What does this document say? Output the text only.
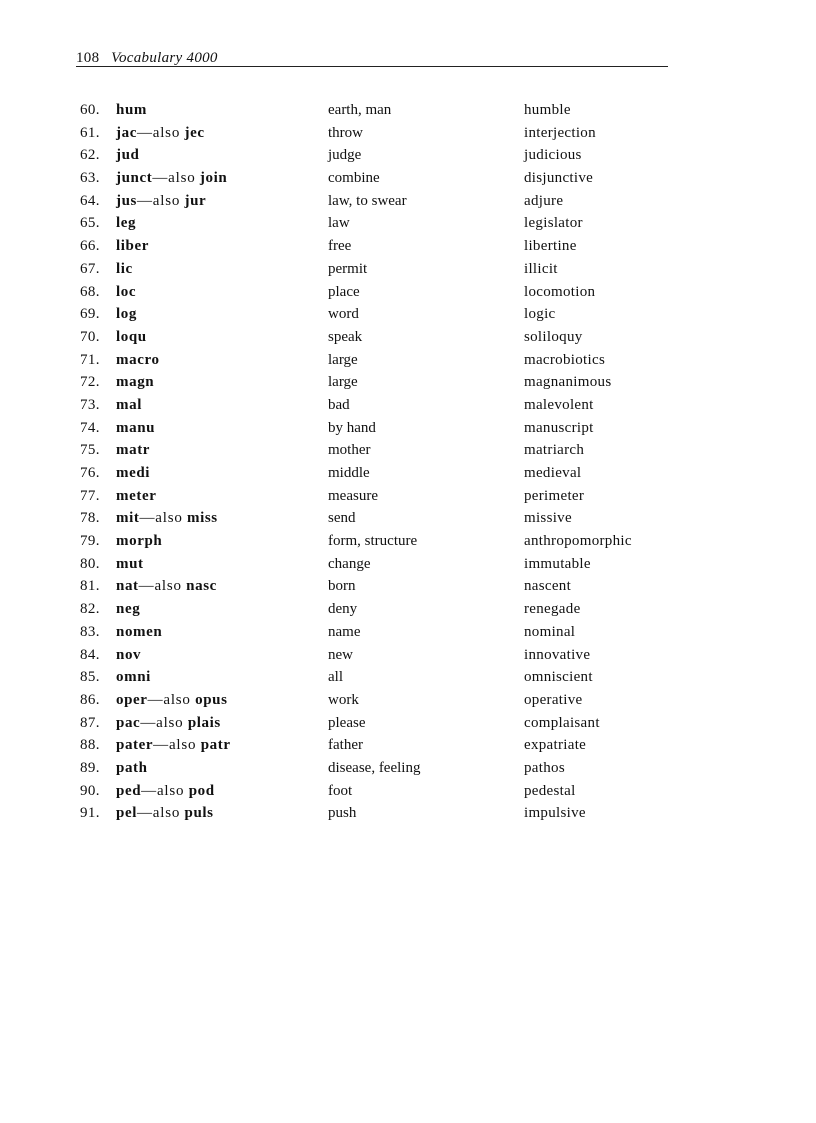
108 Vocabulary 4000
60. hum	earth, man	humble
61. jac—also jec	throw	interjection
62. jud	judge	judicious
63. junct—also join	combine	disjunctive
64. jus—also jur	law, to swear	adjure
65. leg	law	legislator
66. liber	free	libertine
67. lic	permit	illicit
68. loc	place	locomotion
69. log	word	logic
70. loqu	speak	soliloquy
71. macro	large	macrobiotics
72. magn	large	magnanimous
73. mal	bad	malevolent
74. manu	by hand	manuscript
75. matr	mother	matriarch
76. medi	middle	medieval
77. meter	measure	perimeter
78. mit—also miss	send	missive
79. morph	form, structure	anthropomorphic
80. mut	change	immutable
81. nat—also nasc	born	nascent
82. neg	deny	renegade
83. nomen	name	nominal
84. nov	new	innovative
85. omni	all	omniscient
86. oper—also opus	work	operative
87. pac—also plais	please	complaisant
88. pater—also patr	father	expatriate
89. path	disease, feeling	pathos
90. ped—also pod	foot	pedestal
91. pel—also puls	push	impulsive
